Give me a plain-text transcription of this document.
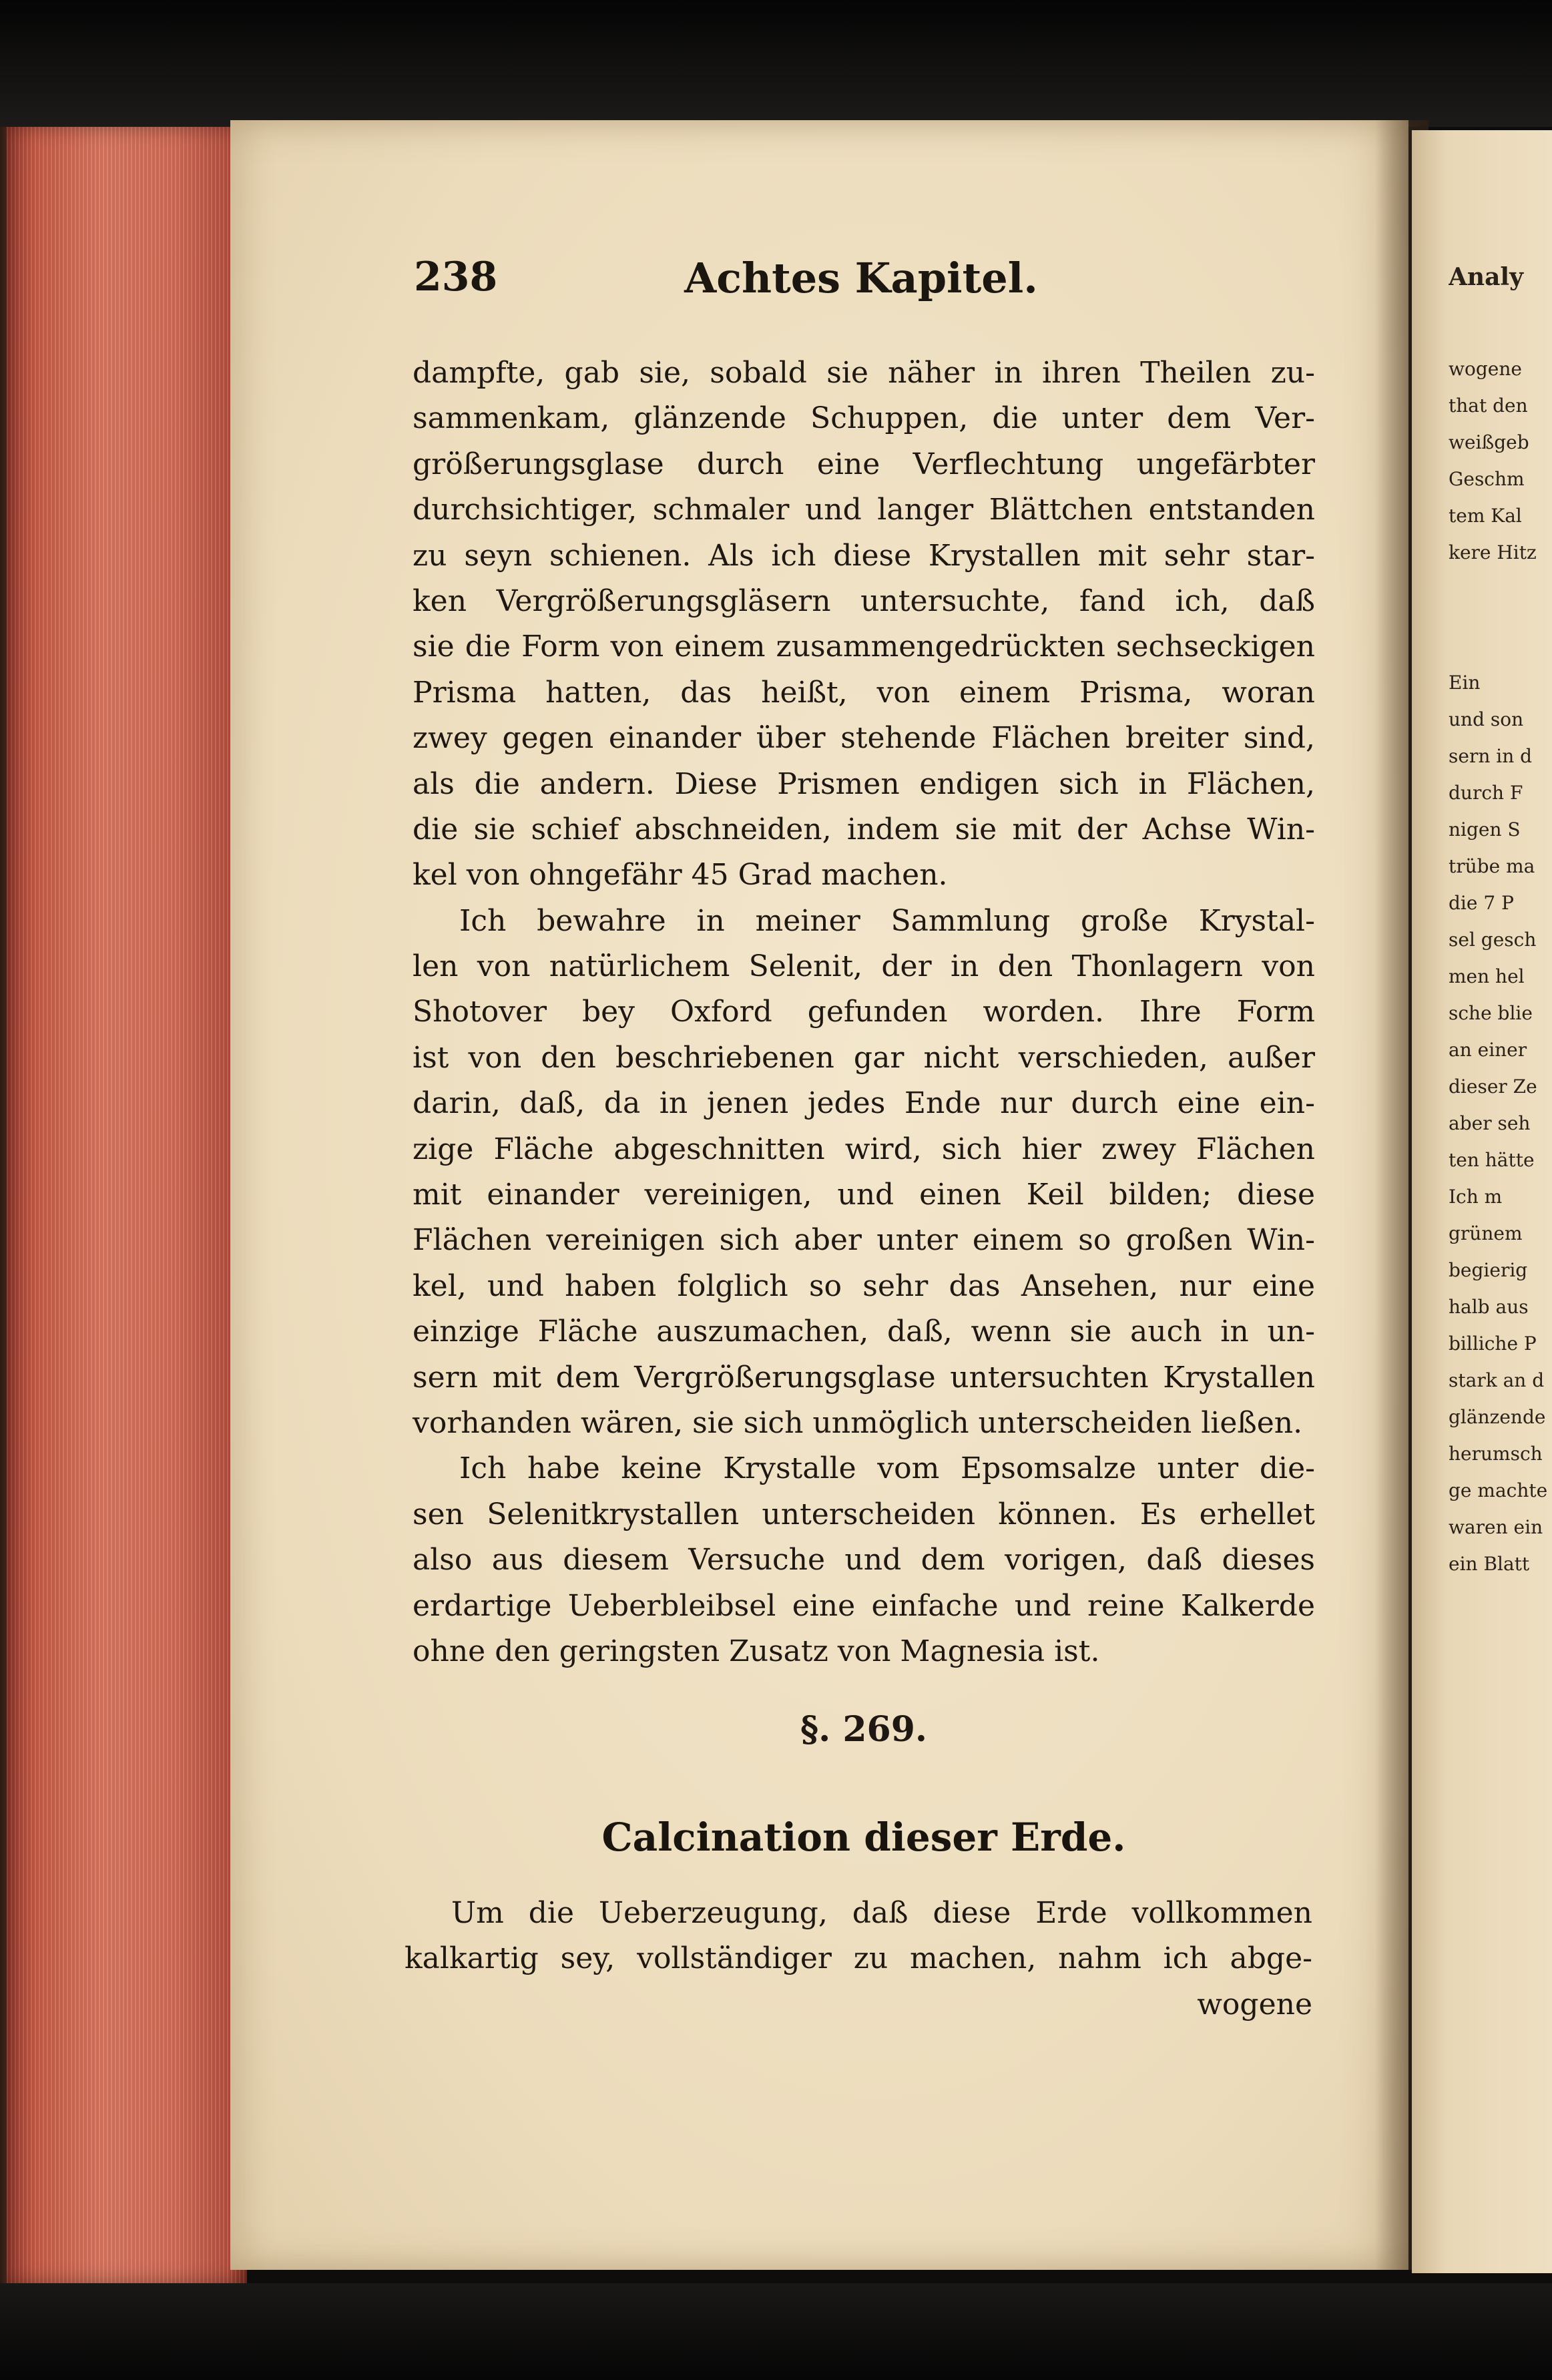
238	Achtes Kapitel.
dampfte, gab sie, sobald sie näher in ihren Theilen zu-
sammenkam, glänzende Schuppen, die unter dem Ver-
größerungsglase durch eine Verflechtung ungefärbter
durchsichtiger, schmaler und langer Blättchen entstanden
zu seyn schienen. Als ich diese Krystallen mit sehr star-
ken Vergrößerungsgläsern untersuchte, fand ich, daß
sie die Form von einem zusammengedrückten sechseckigen
Prisma hatten, das heißt, von einem Prisma, woran
zwey gegen einander über stehende Flächen breiter sind,
als die andern. Diese Prismen endigen sich in Flächen,
die sie schief abschneiden, indem sie mit der Achse Win-
kel von ohngefähr 45 Grad machen.
Ich bewahre in meiner Sammlung große Krystal-
len von natürlichem Selenit, der in den Thonlagern von
Shotover bey Oxford gefunden worden. Ihre Form
ist von den beschriebenen gar nicht verschieden, außer
darin, daß, da in jenen jedes Ende nur durch eine ein-
zige Fläche abgeschnitten wird, sich hier zwey Flächen
mit einander vereinigen, und einen Keil bilden; diese
Flächen vereinigen sich aber unter einem so großen Win-
kel, und haben folglich so sehr das Ansehen, nur eine
einzige Fläche auszumachen, daß, wenn sie auch in un-
sern mit dem Vergrößerungsglase untersuchten Krystallen
vorhanden wären, sie sich unmöglich unterscheiden ließen.
Ich habe keine Krystalle vom Epsomsalze unter die-
sen Selenitkrystallen unterscheiden können. Es erhellet
also aus diesem Versuche und dem vorigen, daß dieses
erdartige Ueberbleibsel eine einfache und reine Kalkerde
ohne den geringsten Zusatz von Magnesia ist.
§. 269.
Calcination dieser Erde.
Um die Ueberzeugung, daß diese Erde vollkommen
kalkartig sey, vollständiger zu machen, nahm ich abge-
wogene
Analy
wogene
that den
weißgeb
Geschm
tem Kal
kere Hitz
Ein
und son
sern in d
durch F
nigen S
trübe ma
die 7 P
sel gesch
men hel
sche blie
an einer
dieser Ze
aber seh
ten hätte
Ich m
grünem
begierig
halb aus
billiche P
stark an d
glänzende
herumsch
ge machte
waren ein
ein Blatt
